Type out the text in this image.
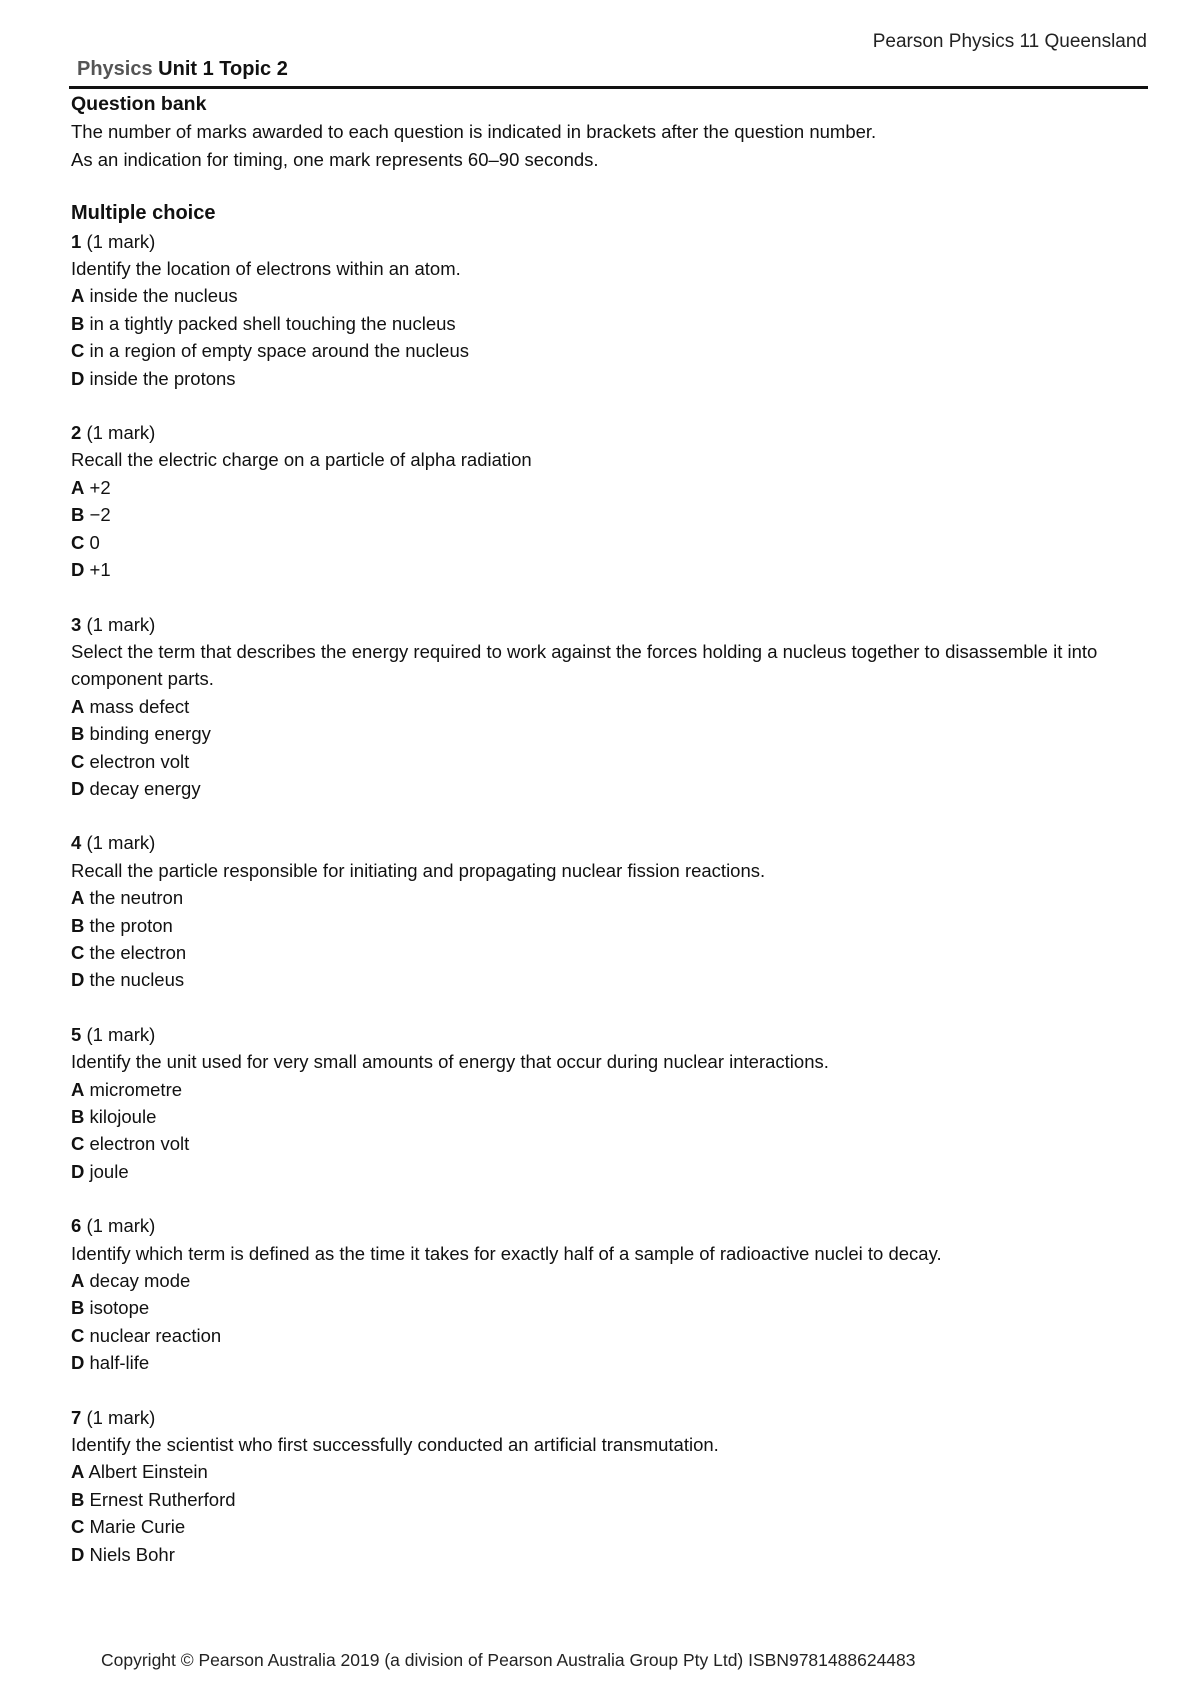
Pearson Physics 11 Queensland
Physics Unit 1 Topic 2

Question bank

The number of marks awarded to each question is indicated in brackets after the question number.

As an indication for timing, one mark represents 60–90 seconds.

Multiple choice

1 (1 mark)

Identify the location of electrons within an atom.

A inside the nucleus

B in a tightly packed shell touching the nucleus

C in a region of empty space around the nucleus

D inside the protons

2 (1 mark)

Recall the electric charge on a particle of alpha radiation

A +2

B −2

C 0

D +1

3 (1 mark)

Select the term that describes the energy required to work against the forces holding a nucleus together to disassemble it into component parts.

A mass defect

B binding energy

C electron volt

D decay energy

4 (1 mark)

Recall the particle responsible for initiating and propagating nuclear fission reactions.

A the neutron

B the proton

C the electron

D the nucleus

5 (1 mark)

Identify the unit used for very small amounts of energy that occur during nuclear interactions.

A micrometre

B kilojoule

C electron volt

D joule

6 (1 mark)

Identify which term is defined as the time it takes for exactly half of a sample of radioactive nuclei to decay.

A decay mode

B isotope

C nuclear reaction

D half-life

7 (1 mark)

Identify the scientist who first successfully conducted an artificial transmutation.

A Albert Einstein

B Ernest Rutherford

C Marie Curie

D Niels Bohr

Copyright © Pearson Australia 2019 (a division of Pearson Australia Group Pty Ltd) ISBN9781488624483
